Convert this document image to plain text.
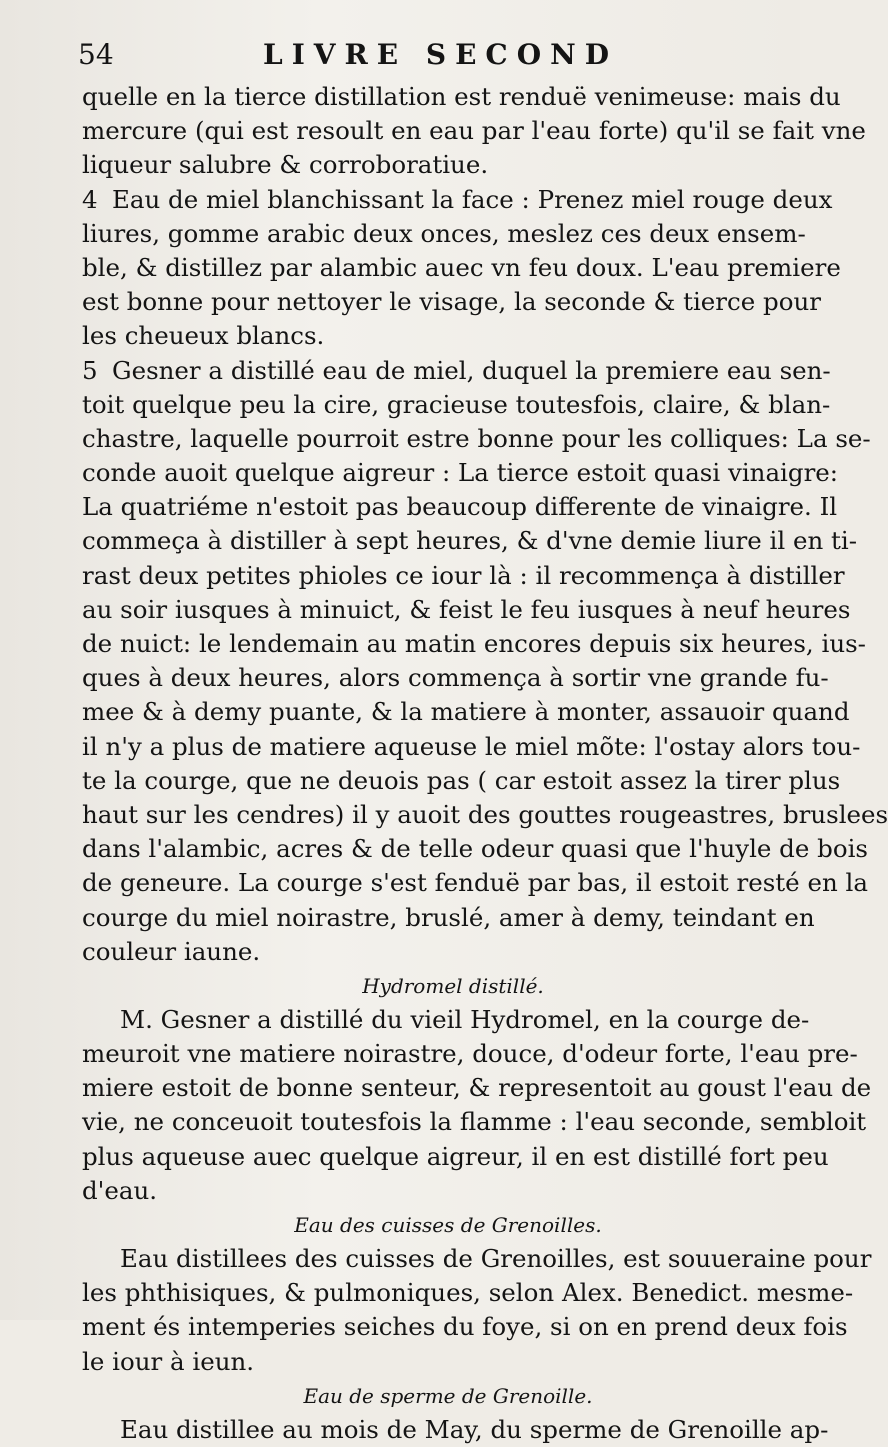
54	LIVRE SECOND
quelle en la tierce distillation est renduë venimeuse: mais du
mercure (qui est resoult en eau par l'eau forte) qu'il se fait vne
liqueur salubre & corroboratiue.
4 Eau de miel blanchissant la face : Prenez miel rouge deux
liures, gomme arabic deux onces, meslez ces deux ensem-
ble, & distillez par alambic auec vn feu doux. L'eau premiere
est bonne pour nettoyer le visage, la seconde & tierce pour
les cheueux blancs.
5 Gesner a distillé eau de miel, duquel la premiere eau sen-
toit quelque peu la cire, gracieuse toutesfois, claire, & blan-
chastre, laquelle pourroit estre bonne pour les colliques: La se-
conde auoit quelque aigreur : La tierce estoit quasi vinaigre:
La quatriéme n'estoit pas beaucoup differente de vinaigre. Il
commeça à distiller à sept heures, & d'vne demie liure il en ti-
rast deux petites phioles ce iour là : il recommença à distiller
au soir iusques à minuict, & feist le feu iusques à neuf heures
de nuict: le lendemain au matin encores depuis six heures, ius-
ques à deux heures, alors commença à sortir vne grande fu-
mee & à demy puante, & la matiere à monter, assauoir quand
il n'y a plus de matiere aqueuse le miel mõte: l'ostay alors tou-
te la courge, que ne deuois pas ( car estoit assez la tirer plus
haut sur les cendres) il y auoit des gouttes rougeastres, bruslees
dans l'alambic, acres & de telle odeur quasi que l'huyle de bois
de geneure. La courge s'est fenduë par bas, il estoit resté en la
courge du miel noirastre, bruslé, amer à demy, teindant en
couleur iaune.
Hydromel distillé.
M. Gesner a distillé du vieil Hydromel, en la courge de-
meuroit vne matiere noirastre, douce, d'odeur forte, l'eau pre-
miere estoit de bonne senteur, & representoit au goust l'eau de
vie, ne conceuoit toutesfois la flamme : l'eau seconde, sembloit
plus aqueuse auec quelque aigreur, il en est distillé fort peu
d'eau.
Eau des cuisses de Grenoilles.
Eau distillees des cuisses de Grenoilles, est souueraine pour
les phthisiques, & pulmoniques, selon Alex. Benedict. mesme-
ment és intemperies seiches du foye, si on en prend deux fois
le iour à ieun.
Eau de sperme de Grenoille.
Eau distillee au mois de May, du sperme de Grenoille ap-
